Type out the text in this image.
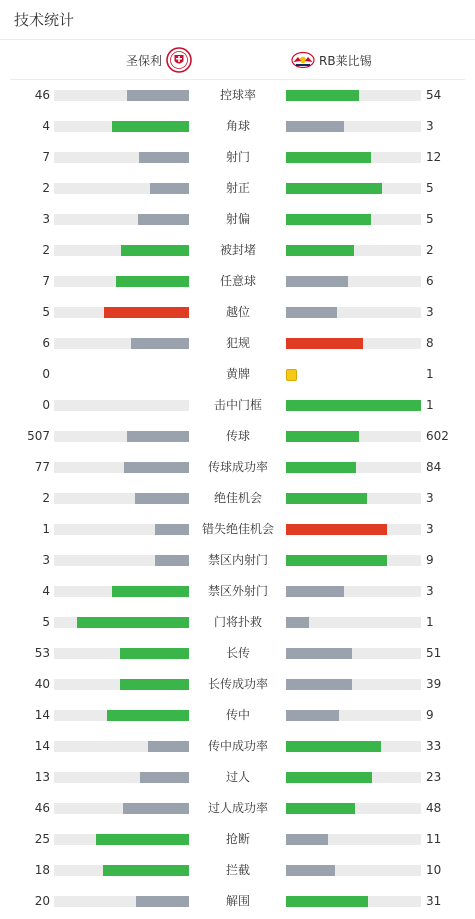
技术统计
圣保利	RB莱比锡
46	控球率	54
4	角球	3
7	射门	12
2	射正	5
3	射偏	5
2	被封堵	2
7	任意球	6
5	越位	3
6	犯规	8
0	黄牌	1
0	击中门框	1
507	传球	602
77	传球成功率	84
2	绝佳机会	3
1	错失绝佳机会	3
3	禁区内射门	9
4	禁区外射门	3
5	门将扑救	1
53	长传	51
40	长传成功率	39
14	传中	9
14	传中成功率	33
13	过人	23
46	过人成功率	48
25	抢断	11
18	拦截	10
20	解围	31
